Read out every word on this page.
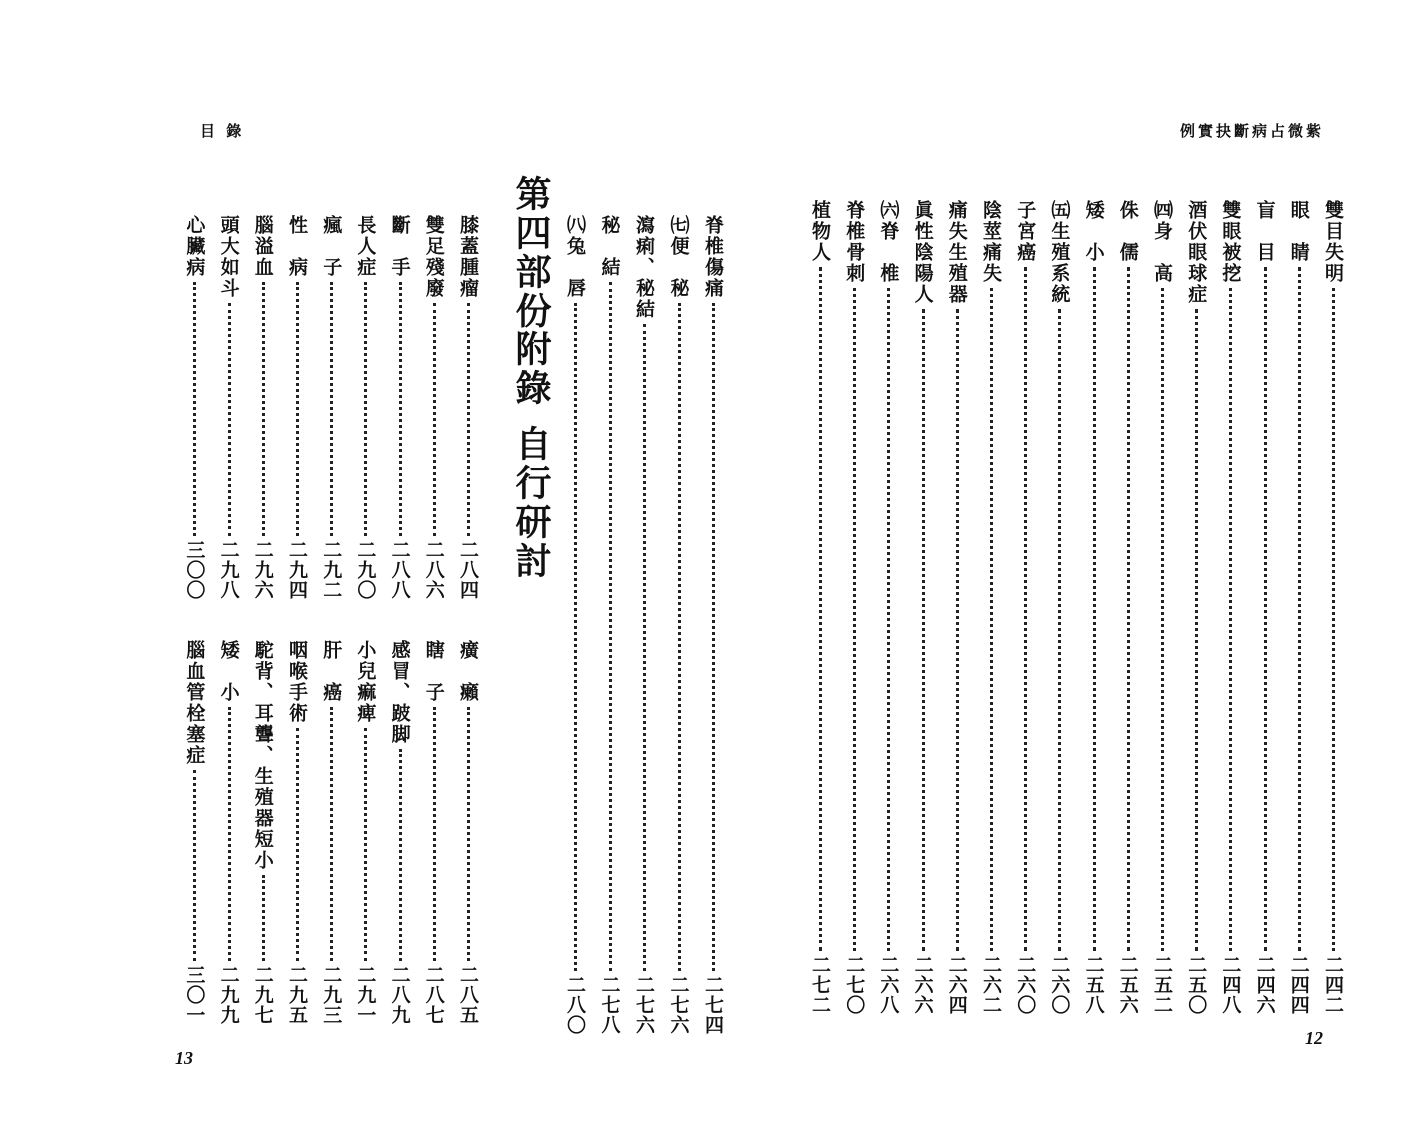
目 錄	例實抉斷病占微紫
第四部份
附錄
自行研討
雙目失明
二四二
眼　睛
二四四
盲　目
二四六
雙眼被挖
二四八
酒伏眼球症
二五〇
㈣身　高
二五二
侏　儒
二五六
矮　小
二五八
㈤生殖系統
二六〇
子宮癌
二六〇
陰莖痛失
二六二
痛失生殖器
二六四
眞性陰陽人
二六六
㈥脊　椎
二六八
脊椎骨刺
二七〇
植物人
二七二
脊椎傷痛
二七四
㈦便　秘
二七六
瀉痢、秘結
二七六
秘　結
二七八
㈧兔　唇
二八〇
膝蓋腫瘤
二八四
雙足殘廢
二八六
斷　手
二八八
長人症
二九〇
瘋　子
二九二
性　病
二九四
腦溢血
二九六
頭大如斗
二九八
心臟病
三〇〇
癀　癩
二八五
瞎　子
二八七
感冒、跛脚
二八九
小兒痲痺
二九一
肝　癌
二九三
咽喉手術
二九五
駝背、耳聾、生殖器短小
二九七
矮　小
二九九
腦血管栓塞症
三〇一
13
12
